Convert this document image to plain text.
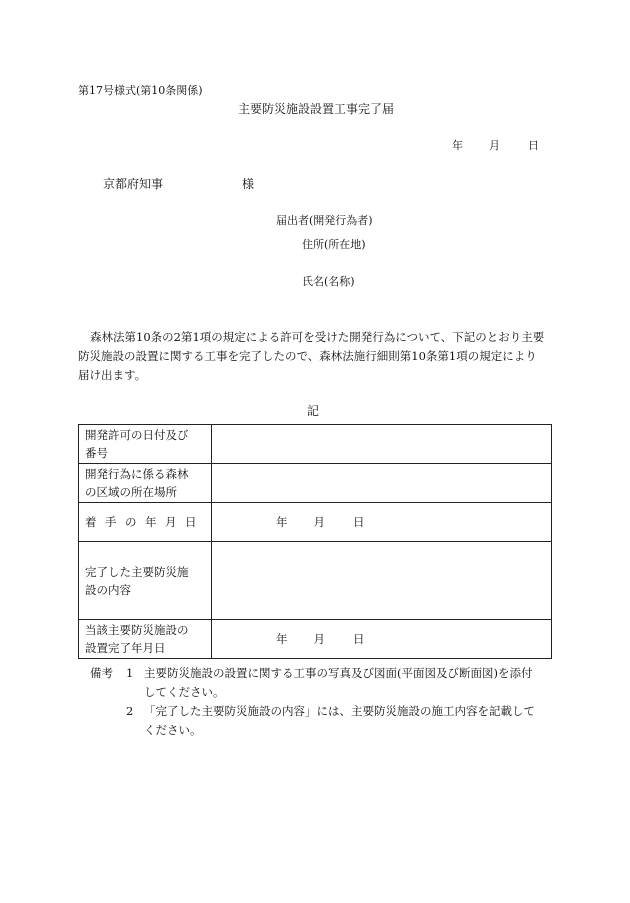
第17号様式(第10条関係)
主要防災施設設置工事完了届
年 月	日
京都府知事	様
届出者(開発行為者)
住所(所在地)
氏名(名称)
森林法第10条の2第1項の規定による許可を受けた開発行為について、下記のとおり主要
防災施設の設置に関する工事を完了したので、森林法施行細則第10条第1項の規定により
届け出ます。
記
開発許可の日付及び
番号	

開発行為に係る森林
の区域の所在場所	

着手の年月日	年 月 日

完了した主要防災施
設の内容	

当該主要防災施設の
設置完了年月日	年 月 日
備考	1 主要防災施設の設置に関する工事の写真及び図面(平面図及び断面図)を添付
してください。
2 「完了した主要防災施設の内容」には、主要防災施設の施工内容を記載して
ください。
